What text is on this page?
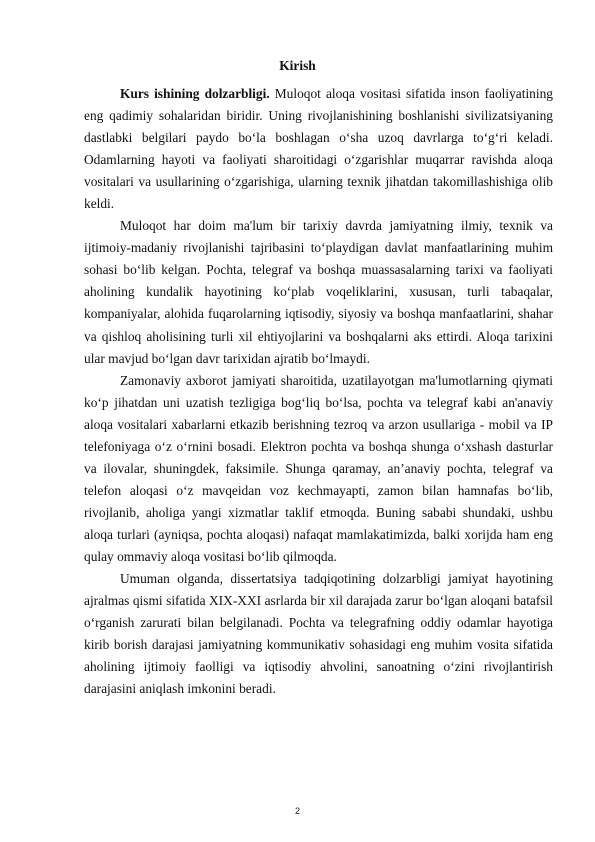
Kirish

Kurs ishining dolzarbligi. Muloqot aloqa vositasi sifatida inson faoliyatining eng qadimiy sohalaridan biridir. Uning rivojlanishining boshlanishi sivilizatsiyaning dastlabki belgilari paydo bo‘la boshlagan o‘sha uzoq davrlarga to‘g‘ri keladi. Odamlarning hayoti va faoliyati sharoitidagi o‘zgarishlar muqarrar ravishda aloqa vositalari va usullarining o‘zgarishiga, ularning texnik jihatdan takomillashishiga olib keldi.

Muloqot har doim ma'lum bir tarixiy davrda jamiyatning ilmiy, texnik va ijtimoiy-madaniy rivojlanishi tajribasini to‘playdigan davlat manfaatlarining muhim sohasi bo‘lib kelgan. Pochta, telegraf va boshqa muassasalarning tarixi va faoliyati aholining kundalik hayotining ko‘plab voqeliklarini, xususan, turli tabaqalar, kompaniyalar, alohida fuqarolarning iqtisodiy, siyosiy va boshqa manfaatlarini, shahar va qishloq aholisining turli xil ehtiyojlarini va boshqalarni aks ettirdi. Aloqa tarixini ular mavjud bo‘lgan davr tarixidan ajratib bo‘lmaydi.

Zamonaviy axborot jamiyati sharoitida, uzatilayotgan ma'lumotlarning qiymati ko‘p jihatdan uni uzatish tezligiga bog‘liq bo‘lsa, pochta va telegraf kabi an'anaviy aloqa vositalari xabarlarni etkazib berishning tezroq va arzon usullariga - mobil va IP telefoniyaga o‘z o‘rnini bosadi. Elektron pochta va boshqa shunga o‘xshash dasturlar va ilovalar, shuningdek, faksimile. Shunga qaramay, an’anaviy pochta, telegraf va telefon aloqasi o‘z mavqeidan voz kechmayapti, zamon bilan hamnafas bo‘lib, rivojlanib, aholiga yangi xizmatlar taklif etmoqda. Buning sababi shundaki, ushbu aloqa turlari (ayniqsa, pochta aloqasi) nafaqat mamlakatimizda, balki xorijda ham eng qulay ommaviy aloqa vositasi bo‘lib qilmoqda.

Umuman olganda, dissertatsiya tadqiqotining dolzarbligi jamiyat hayotining ajralmas qismi sifatida XIX-XXI asrlarda bir xil darajada zarur bo‘lgan aloqani batafsil o‘rganish zarurati bilan belgilanadi. Pochta va telegrafning oddiy odamlar hayotiga kirib borish darajasi jamiyatning kommunikativ sohasidagi eng muhim vosita sifatida aholining ijtimoiy faolligi va iqtisodiy ahvolini, sanoatning o‘zini rivojlantirish darajasini aniqlash imkonini beradi.

2
